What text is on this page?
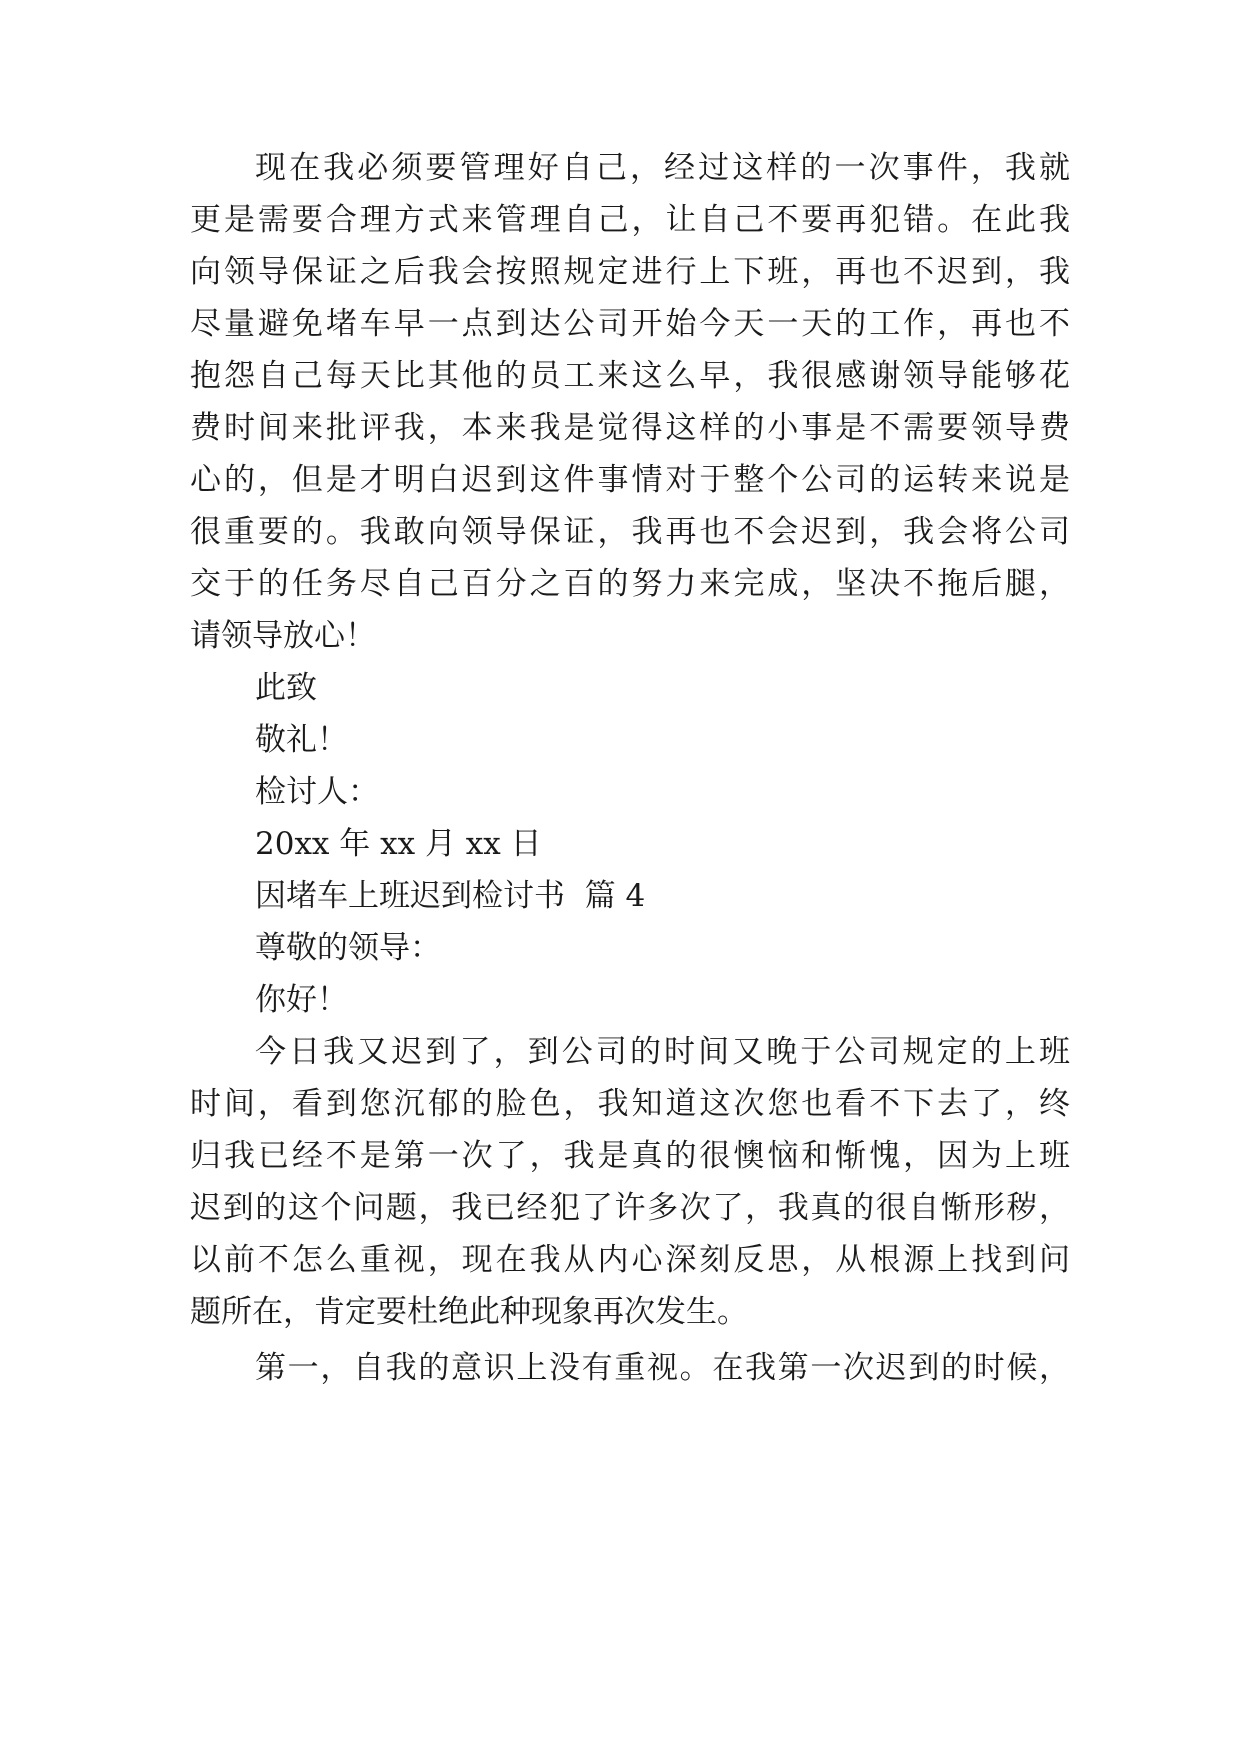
现在我必须要管理好自己，经过这样的一次事件，我就
更是需要合理方式来管理自己，让自己不要再犯错。在此我
向领导保证之后我会按照规定进行上下班，再也不迟到，我
尽量避免堵车早一点到达公司开始今天一天的工作，再也不
抱怨自己每天比其他的员工来这么早，我很感谢领导能够花
费时间来批评我，本来我是觉得这样的小事是不需要领导费
心的，但是才明白迟到这件事情对于整个公司的运转来说是
很重要的。我敢向领导保证，我再也不会迟到，我会将公司
交于的任务尽自己百分之百的努力来完成，坚决不拖后腿，
请领导放心！
此致
敬礼！
检讨人：
20xx 年 xx 月 xx 日
因堵车上班迟到检讨书  篇 4
尊敬的领导：
你好！
今日我又迟到了，到公司的时间又晚于公司规定的上班
时间，看到您沉郁的脸色，我知道这次您也看不下去了，终
归我已经不是第一次了，我是真的很懊恼和惭愧，因为上班
迟到的这个问题，我已经犯了许多次了，我真的很自惭形秽，
以前不怎么重视，现在我从内心深刻反思，从根源上找到问
题所在，肯定要杜绝此种现象再次发生。
第一，自我的意识上没有重视。在我第一次迟到的时候，
